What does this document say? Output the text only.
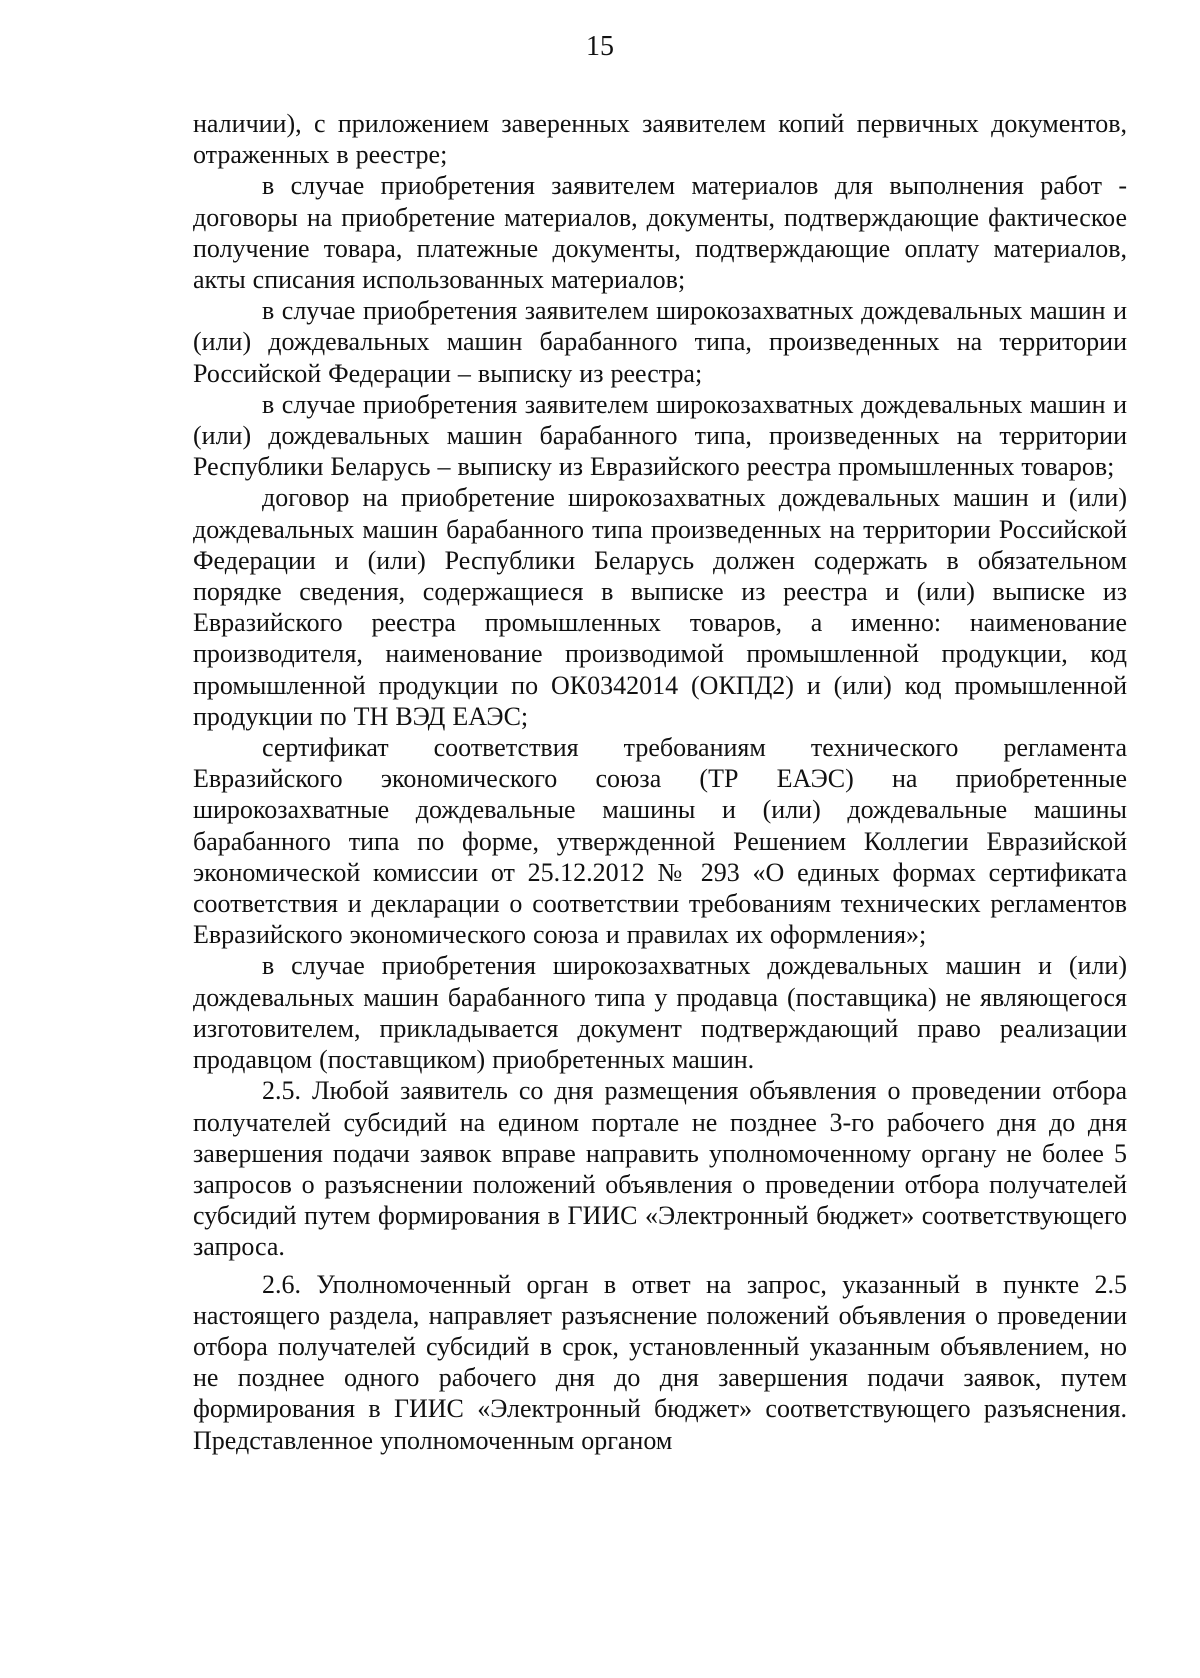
15

наличии), с приложением заверенных заявителем копий первичных документов, отраженных в реестре;

в случае приобретения заявителем материалов для выполнения работ - договоры на приобретение материалов, документы, подтверждающие фактическое получение товара, платежные документы, подтверждающие оплату материалов, акты списания использованных материалов;

в случае приобретения заявителем широкозахватных дождевальных машин и (или) дождевальных машин барабанного типа, произведенных на территории Российской Федерации – выписку из реестра;

в случае приобретения заявителем широкозахватных дождевальных машин и (или) дождевальных машин барабанного типа, произведенных на территории Республики Беларусь – выписку из Евразийского реестра промышленных товаров;

договор на приобретение широкозахватных дождевальных машин и (или) дождевальных машин барабанного типа произведенных на территории Российской Федерации и (или) Республики Беларусь должен содержать в обязательном порядке сведения, содержащиеся в выписке из реестра и (или) выписке из Евразийского реестра промышленных товаров, а именно: наименование производителя, наименование производимой промышленной продукции, код промышленной продукции по ОК0342014 (ОКПД2) и (или) код промышленной продукции по ТН ВЭД ЕАЭС;

сертификат соответствия требованиям технического регламента Евразийского экономического союза (ТР ЕАЭС) на приобретенные широкозахватные дождевальные машины и (или) дождевальные машины барабанного типа по форме, утвержденной Решением Коллегии Евразийской экономической комиссии от 25.12.2012 № 293 «О единых формах сертификата соответствия и декларации о соответствии требованиям технических регламентов Евразийского экономического союза и правилах их оформления»;

в случае приобретения широкозахватных дождевальных машин и (или) дождевальных машин барабанного типа у продавца (поставщика) не являющегося изготовителем, прикладывается документ подтверждающий право реализации продавцом (поставщиком) приобретенных машин.

2.5. Любой заявитель со дня размещения объявления о проведении отбора получателей субсидий на едином портале не позднее 3-го рабочего дня до дня завершения подачи заявок вправе направить уполномоченному органу не более 5 запросов о разъяснении положений объявления о проведении отбора получателей субсидий путем формирования в ГИИС «Электронный бюджет» соответствующего запроса.

2.6. Уполномоченный орган в ответ на запрос, указанный в пункте 2.5 настоящего раздела, направляет разъяснение положений объявления о проведении отбора получателей субсидий в срок, установленный указанным объявлением, но не позднее одного рабочего дня до дня завершения подачи заявок, путем формирования в ГИИС «Электронный бюджет» соответствующего разъяснения. Представленное уполномоченным органом
